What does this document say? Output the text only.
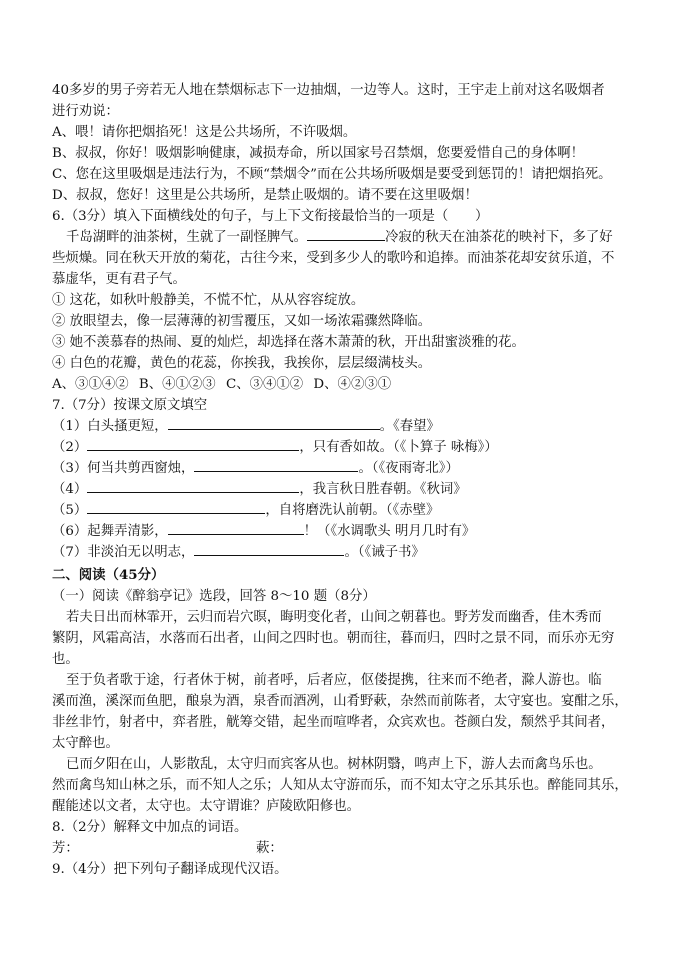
40多岁的男子旁若无人地在禁烟标志下一边抽烟，一边等人。这时，王宇走上前对这名吸烟者
进行劝说：
A、喂！请你把烟掐死！这是公共场所，不许吸烟。
B、叔叔，你好！吸烟影响健康，减损寿命，所以国家号召禁烟，您要爱惜自己的身体啊！
C、您在这里吸烟是违法行为，不顾“禁烟令”而在公共场所吸烟是要受到惩罚的！请把烟掐死。
D、叔叔，您好！这里是公共场所，是禁止吸烟的。请不要在这里吸烟！
6.（3分）填入下面横线处的句子，与上下文衔接最恰当的一项是（　　）
千岛湖畔的油茶树，生就了一副怪脾气。	冷寂的秋天在油茶花的映衬下，多了好
些烦燥。同在秋天开放的菊花，古往今来，受到多少人的歌吟和追捧。而油茶花却安贫乐道，不
慕虚华，更有君子气。
① 这花，如秋叶般静美，不慌不忙，从从容容绽放。
② 放眼望去，像一层薄薄的初雪覆压，又如一场浓霜骤然降临。
③ 她不羡慕春的热闹、夏的灿烂，却选择在落木萧萧的秋，开出甜蜜淡雅的花。
④ 白色的花瓣，黄色的花蕊，你挨我，我挨你，层层缀满枝头。
A、③①④② B、④①②③ C、③④①② D、④②③①
7.（7分）按课文原文填空
（1）白头搔更短，	。《春望》
（2）	，只有香如故。（《卜算子 咏梅》）
（3）何当共剪西窗烛，	。（《夜雨寄北》）
（4）	，我言秋日胜春朝。《秋词》
（5）	，自将磨洗认前朝。（《赤壁》
（6）起舞弄清影，	！（《水调歌头 明月几时有》
（7）非淡泊无以明志，	。（《诫子书》
二、阅读（45分）
（一）阅读《醉翁亭记》选段，回答 8～10 题（8分）
若夫日出而林霏开，云归而岩穴暝，晦明变化者，山间之朝暮也。野芳发而幽香，佳木秀而
繁阴，风霜高洁，水落而石出者，山间之四时也。朝而往，暮而归，四时之景不同，而乐亦无穷
也。
至于负者歌于途，行者休于树，前者呼，后者应，伛偻提携，往来而不绝者，滁人游也。临
溪而渔，溪深而鱼肥，酿泉为酒，泉香而酒冽，山肴野蔌，杂然而前陈者，太守宴也。宴酣之乐，
非丝非竹，射者中，弈者胜，觥筹交错，起坐而喧哗者，众宾欢也。苍颜白发，颓然乎其间者，
太守醉也。
已而夕阳在山，人影散乱，太守归而宾客从也。树林阴翳，鸣声上下，游人去而禽鸟乐也。
然而禽鸟知山林之乐，而不知人之乐；人知从太守游而乐，而不知太守之乐其乐也。醉能同其乐，
醒能述以文者，太守也。太守谓谁？庐陵欧阳修也。
8.（2分）解释文中加点的词语。
芳：	蔌：
9.（4分）把下列句子翻译成现代汉语。
